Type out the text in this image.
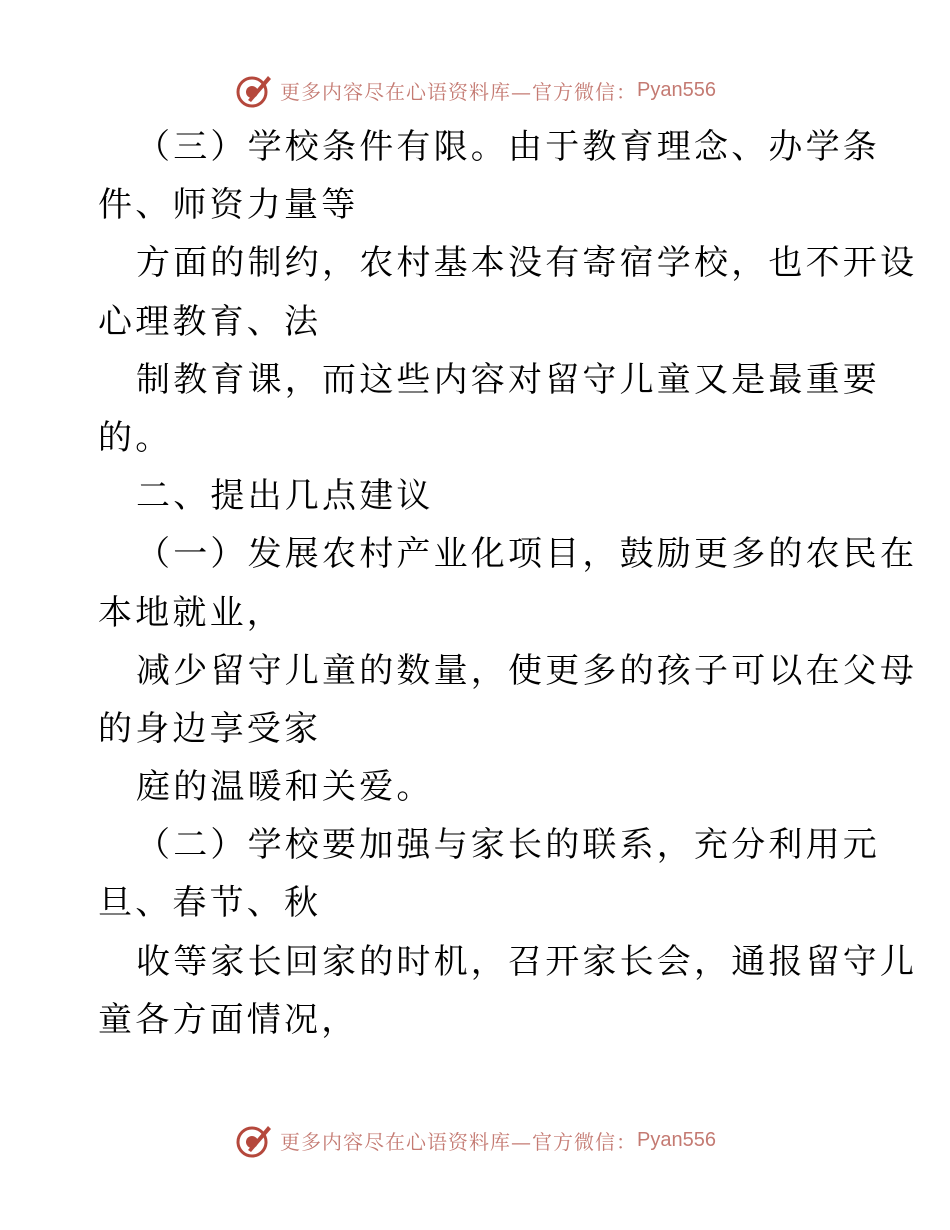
更多内容尽在心语资料库—官方微信： Pyan556
（三）学校条件有限。由于教育理念、办学条
件、师资力量等
方面的制约，农村基本没有寄宿学校，也不开设
心理教育、法
制教育课，而这些内容对留守儿童又是最重要
的。
二、提出几点建议
（一）发展农村产业化项目，鼓励更多的农民在
本地就业，
减少留守儿童的数量，使更多的孩子可以在父母
的身边享受家
庭的温暖和关爱。
（二）学校要加强与家长的联系，充分利用元
旦、春节、秋
收等家长回家的时机，召开家长会，通报留守儿
童各方面情况，
更多内容尽在心语资料库—官方微信： Pyan556
